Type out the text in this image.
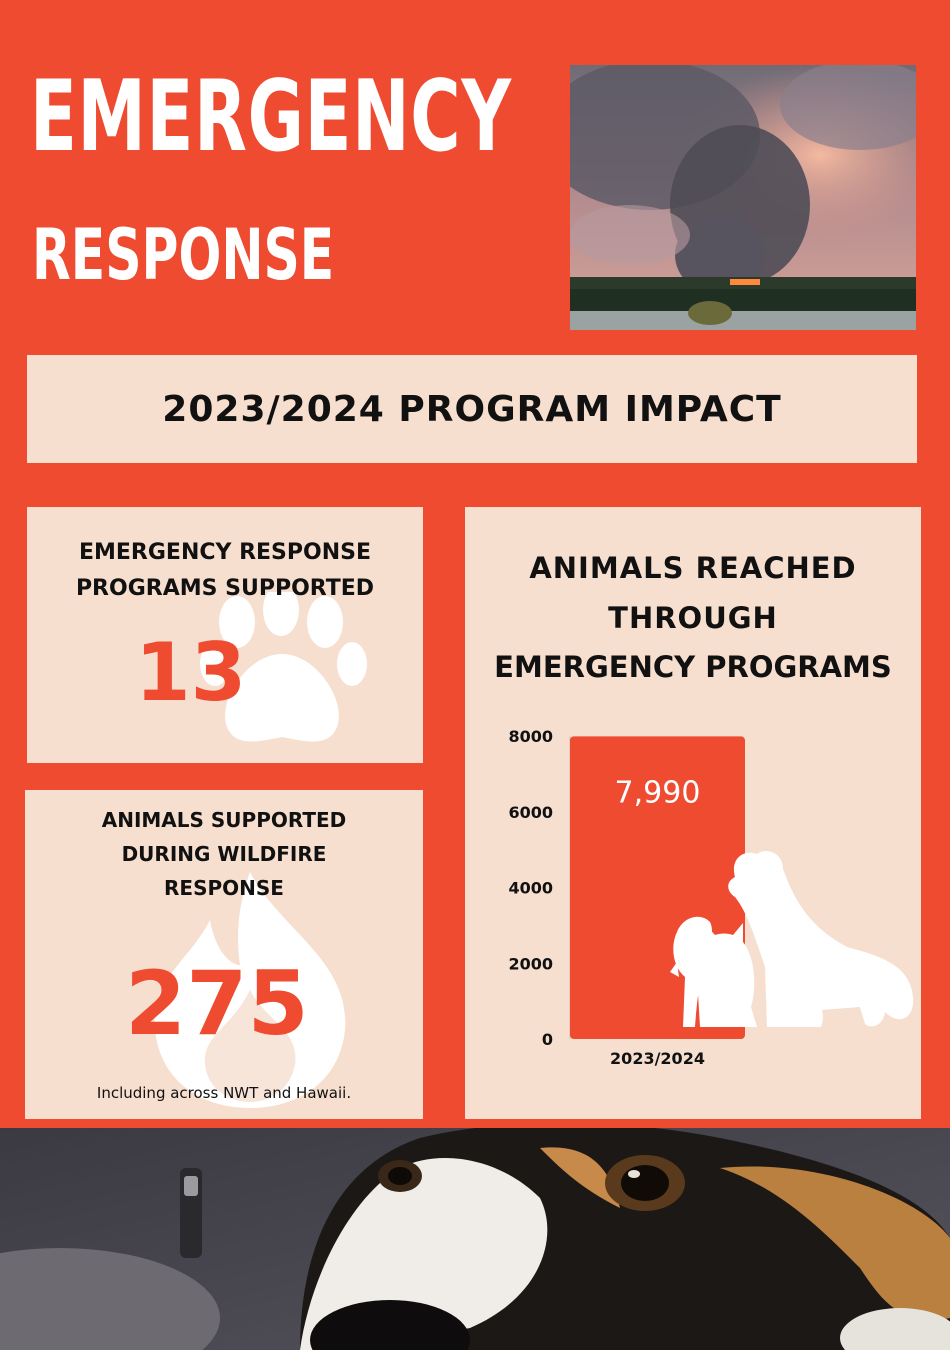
EMERGENCY
RESPONSE
2023/2024 PROGRAM IMPACT
EMERGENCY RESPONSE
PROGRAMS SUPPORTED
13
ANIMALS SUPPORTED
DURING WILDFIRE
RESPONSE
275
Including across NWT and Hawaii.
ANIMALS REACHED
THROUGH
EMERGENCY PROGRAMS
0
2000
4000
6000
8000
7,990
2023/2024
